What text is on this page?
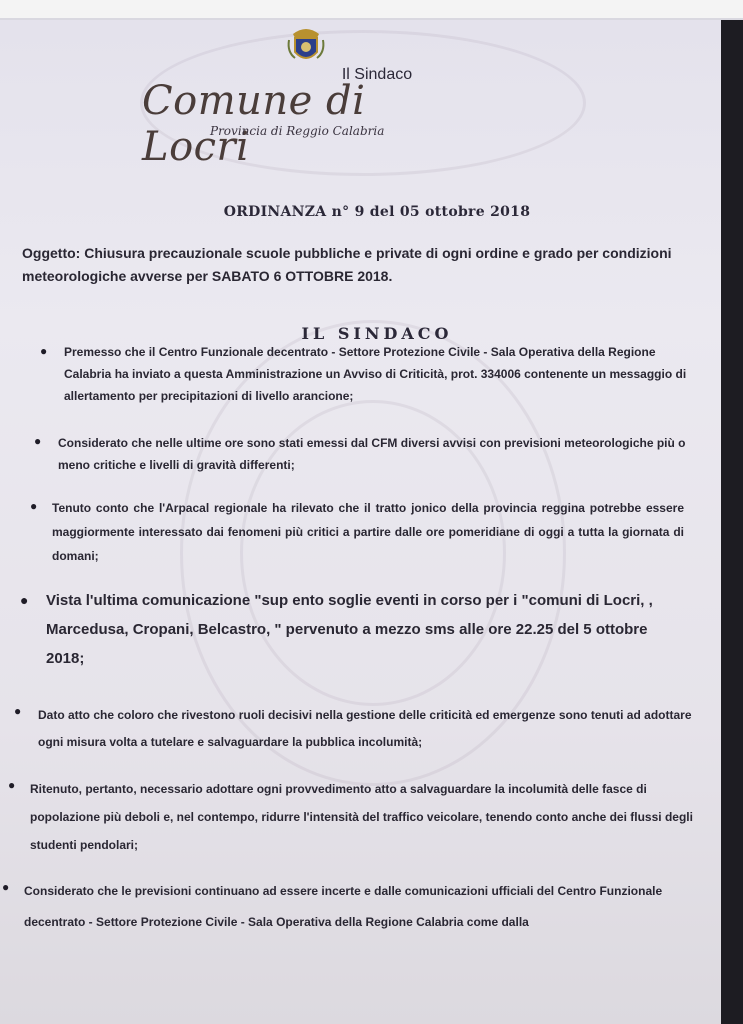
Il Sindaco
Comune di Locri
Provincia di Reggio Calabria
ORDINANZA n° 9 del 05 ottobre 2018
Oggetto: Chiusura precauzionale scuole pubbliche e private di ogni ordine e grado per condizioni meteorologiche avverse per SABATO 6 OTTOBRE 2018.
IL SINDACO
● Premesso che il Centro Funzionale decentrato - Settore Protezione Civile - Sala Operativa della Regione Calabria ha inviato a questa Amministrazione un Avviso di Criticità, prot. 334006 contenente un messaggio di allertamento per precipitazioni di livello arancione;
● Considerato che nelle ultime ore sono stati emessi dal CFM diversi avvisi con previsioni meteorologiche più o meno critiche e livelli di gravità differenti;
● Tenuto conto che l'Arpacal regionale ha rilevato che il tratto jonico della provincia reggina potrebbe essere maggiormente interessato dai fenomeni più critici a partire dalle ore pomeridiane di oggi a tutta la giornata di domani;
● Vista l'ultima comunicazione "sup ento soglie eventi in corso per i "comuni di Locri, , Marcedusa, Cropani, Belcastro, " pervenuto a mezzo sms alle ore 22.25 del 5 ottobre 2018;
● Dato atto che coloro che rivestono ruoli decisivi nella gestione delle criticità ed emergenze sono tenuti ad adottare ogni misura volta a tutelare e salvaguardare la pubblica incolumità;
● Ritenuto, pertanto, necessario adottare ogni provvedimento atto a salvaguardare la incolumità delle fasce di popolazione più deboli e, nel contempo, ridurre l'intensità del traffico veicolare, tenendo conto anche dei flussi degli studenti pendolari;
● Considerato che le previsioni continuano ad essere incerte e dalle comunicazioni ufficiali del Centro Funzionale decentrato - Settore Protezione Civile - Sala Operativa della Regione Calabria come dalla
